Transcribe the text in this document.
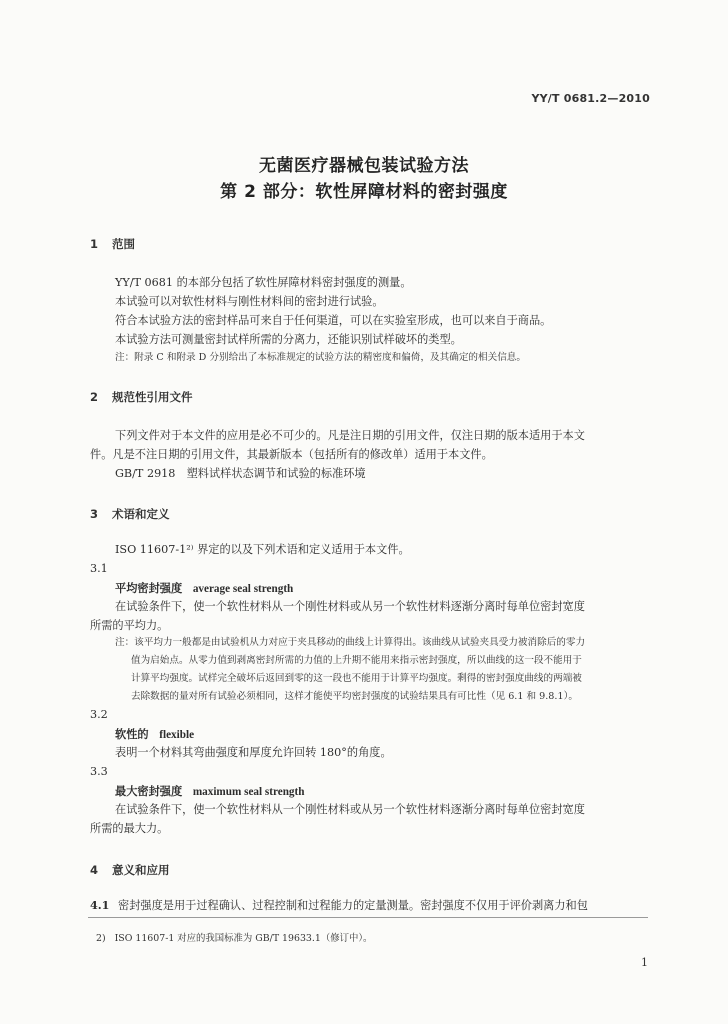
YY/T 0681.2—2010
无菌医疗器械包装试验方法
第 2 部分：软性屏障材料的密封强度
1 范围
YY/T 0681 的本部分包括了软性屏障材料密封强度的测量。
本试验可以对软性材料与刚性材料间的密封进行试验。
符合本试验方法的密封样品可来自于任何渠道，可以在实验室形成，也可以来自于商品。
本试验方法可测量密封试样所需的分离力，还能识别试样破坏的类型。
注：附录 C 和附录 D 分别给出了本标准规定的试验方法的精密度和偏倚，及其确定的相关信息。
2 规范性引用文件
下列文件对于本文件的应用是必不可少的。凡是注日期的引用文件，仅注日期的版本适用于本文
件。凡是不注日期的引用文件，其最新版本（包括所有的修改单）适用于本文件。
GB/T 2918　塑料试样状态调节和试验的标准环境
3 术语和定义
ISO 11607-1²⁾ 界定的以及下列术语和定义适用于本文件。
3.1
平均密封强度 average seal strength
在试验条件下，使一个软性材料从一个刚性材料或从另一个软性材料逐渐分离时每单位密封宽度
所需的平均力。
注：该平均力一般都是由试验机从力对应于夹具移动的曲线上计算得出。该曲线从试验夹具受力被消除后的零力
值为启始点。从零力值到剥离密封所需的力值的上升期不能用来指示密封强度，所以曲线的这一段不能用于
计算平均强度。试样完全破坏后返回到零的这一段也不能用于计算平均强度。剩得的密封强度曲线的两端被
去除数据的量对所有试验必须相同，这样才能使平均密封强度的试验结果具有可比性（见 6.1 和 9.8.1）。
3.2
软性的 flexible
表明一个材料其弯曲强度和厚度允许回转 180°的角度。
3.3
最大密封强度 maximum seal strength
在试验条件下，使一个软性材料从一个刚性材料或从另一个软性材料逐渐分离时每单位密封宽度
所需的最大力。
4 意义和应用
4.1 密封强度是用于过程确认、过程控制和过程能力的定量测量。密封强度不仅用于评价剥离力和包
2) ISO 11607-1 对应的我国标准为 GB/T 19633.1（修订中）。
1
